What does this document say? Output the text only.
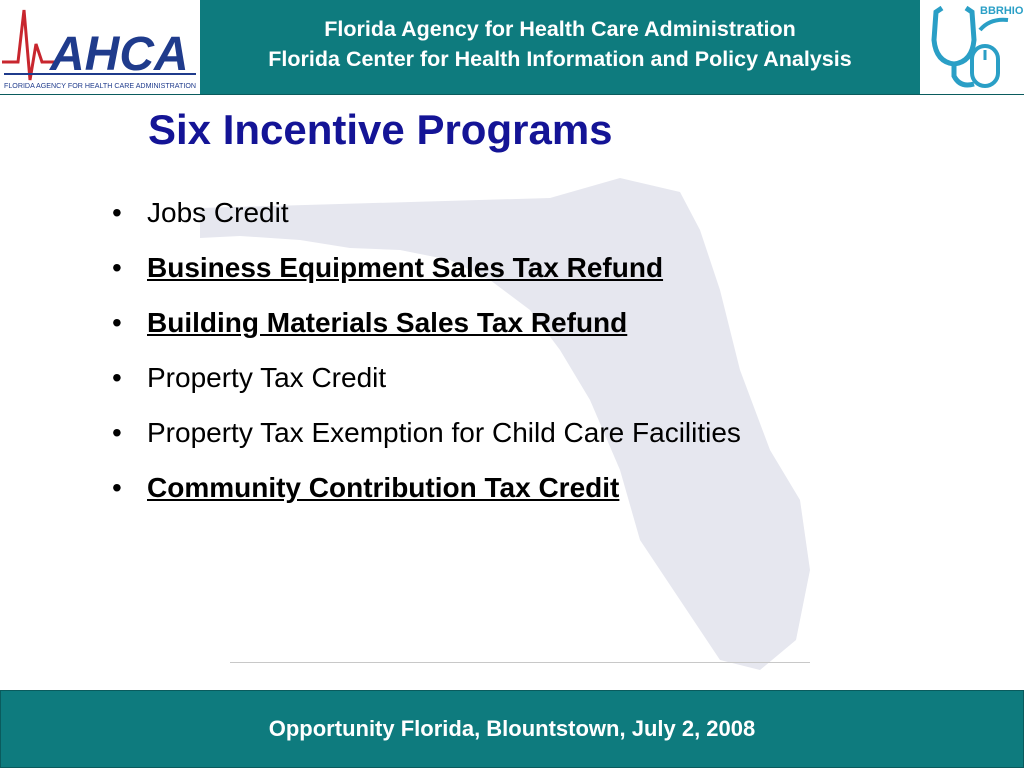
AHCA
FLORIDA AGENCY FOR HEALTH CARE ADMINISTRATION
Florida Agency for Health Care Administration
Florida Center for Health Information and Policy Analysis
BBRHIO
Six Incentive Programs
• Jobs Credit
• Business Equipment Sales Tax Refund
• Building Materials Sales Tax Refund
• Property Tax Credit
• Property Tax Exemption for Child Care Facilities
• Community Contribution Tax Credit
Opportunity Florida, Blountstown, July 2, 2008
